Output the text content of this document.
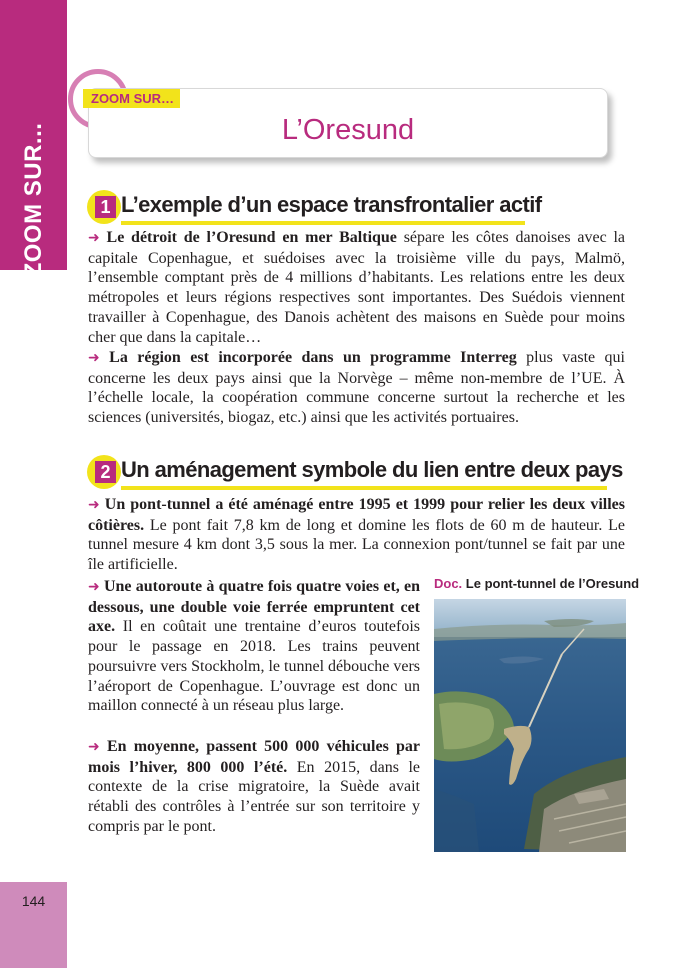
ZOOM SUR...
144
ZOOM SUR…
L’Oresund
1 L’exemple d’un espace transfrontalier actif
➜ Le détroit de l’Oresund en mer Baltique sépare les côtes danoises avec la capitale Copenhague, et suédoises avec la troisième ville du pays, Malmö, l’ensemble comptant près de 4 millions d’habitants. Les relations entre les deux métropoles et leurs régions respectives sont importantes. Des Suédois viennent travailler à Copenhague, des Danois achètent des maisons en Suède pour moins cher que dans la capitale…
➜ La région est incorporée dans un programme Interreg plus vaste qui concerne les deux pays ainsi que la Norvège – même non-membre de l’UE. À l’échelle locale, la coopération commune concerne surtout la recherche et les sciences (universités, biogaz, etc.) ainsi que les activités portuaires.
2 Un aménagement symbole du lien entre deux pays
➜ Un pont-tunnel a été aménagé entre 1995 et 1999 pour relier les deux villes côtières. Le pont fait 7,8 km de long et domine les flots de 60 m de hauteur. Le tunnel mesure 4 km dont 3,5 sous la mer. La connexion pont/tunnel se fait par une île artificielle.
➜ Une autoroute à quatre fois quatre voies et, en dessous, une double voie ferrée empruntent cet axe. Il en coûtait une trentaine d’euros toutefois pour le passage en 2018. Les trains peuvent poursuivre vers Stockholm, le tunnel débouche vers l’aéroport de Copenhague. L’ouvrage est donc un maillon connecté à un réseau plus large.
➜ En moyenne, passent 500 000 véhicules par mois l’hiver, 800 000 l’été. En 2015, dans le contexte de la crise migratoire, la Suède avait rétabli des contrôles à l’entrée sur son territoire y compris par le pont.
Doc. Le pont-tunnel de l’Oresund
